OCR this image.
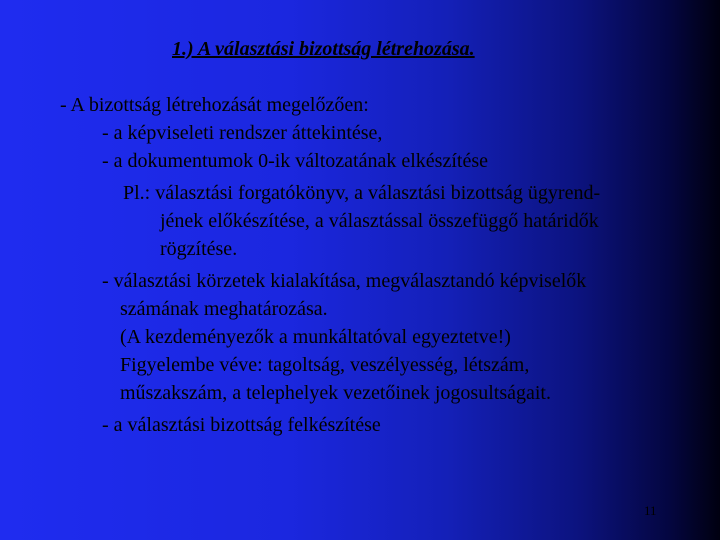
1.) A választási bizottság létrehozása.
- A bizottság létrehozását megelőzően:
- a képviseleti rendszer áttekintése,
- a dokumentumok 0-ik változatának elkészítése
Pl.: választási forgatókönyv, a választási bizottság ügyrend-
jének előkészítése, a választással összefüggő határidők
rögzítése.
- választási körzetek kialakítása, megválasztandó képviselők
számának meghatározása.
(A kezdeményezők a munkáltatóval egyeztetve!)
Figyelembe véve: tagoltság, veszélyesség, létszám,
műszakszám, a telephelyek vezetőinek jogosultságait.
- a választási bizottság felkészítése
11
